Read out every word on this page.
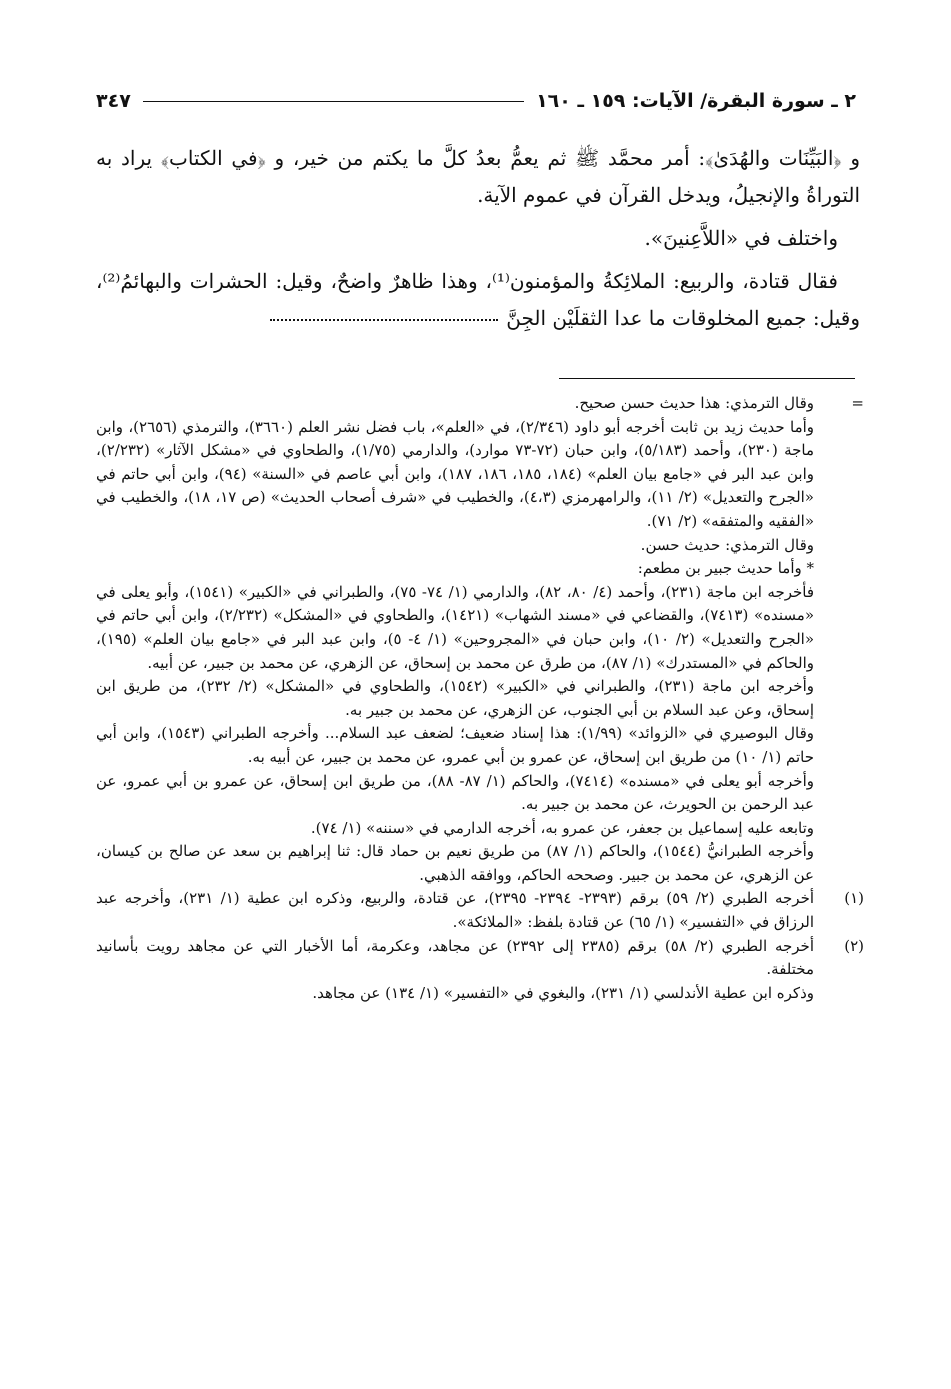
٢ ـ سورة البقرة/ الآيات: ١٥٩ ـ ١٦٠
٣٤٧

و ﴿البَيِّنَات والهُدَىٰ﴾: أمر محمَّد ﷺ ثم يعمُّ بعدُ كلَّ ما يكتم من خير، و ﴿في الكتاب﴾ يراد به التوراةُ والإنجيلُ، ويدخل القرآن في عموم الآية.

واختلف في «اللاَّعِنينَ».

فقال قتادة، والربيع: الملائِكةُ والمؤمنون⁽¹⁾، وهذا ظاهرٌ واضحٌ، وقيل: الحشرات والبهائمُ⁽²⁾، وقيل: جميع المخلوقات ما عدا الثقلَيْن الجِنَّ

=

وقال الترمذي: هذا حديث حسن صحيح.

وأما حديث زيد بن ثابت أخرجه أبو داود (٢/٣٤٦)، في «العلم»، باب فضل نشر العلم (٣٦٦٠)، والترمذي (٢٦٥٦)، وابن ماجة (٢٣٠)، وأحمد (٥/١٨٣)، وابن حبان (٧٢-٧٣ موارد)، والدارمي (١/٧٥)، والطحاوي في «مشكل الآثار» (٢/٢٣٢)، وابن عبد البر في «جامع بيان العلم» (١٨٤، ١٨٥، ١٨٦، ١٨٧)، وابن أبي عاصم في «السنة» (٩٤)، وابن أبي حاتم في «الجرح والتعديل» (٢/ ١١)، والرامهرمزي (٤،٣)، والخطيب في «شرف أصحاب الحديث» (ص ١٧، ١٨)، والخطيب في «الفقيه والمتفقه» (٢/ ٧١).

وقال الترمذي: حديث حسن.

* وأما حديث جبير بن مطعم:

فأخرجه ابن ماجة (٢٣١)، وأحمد (٤/ ٨٠، ٨٢)، والدارمي (١/ ٧٤- ٧٥)، والطبراني في «الكبير» (١٥٤١)، وأبو يعلى في «مسنده» (٧٤١٣)، والقضاعي في «مسند الشهاب» (١٤٢١)، والطحاوي في «المشكل» (٢/٢٣٢)، وابن أبي حاتم في «الجرح والتعديل» (٢/ ١٠)، وابن حبان في «المجروحين» (١/ ٤- ٥)، وابن عبد البر في «جامع بيان العلم» (١٩٥)، والحاكم في «المستدرك» (١/ ٨٧)، من طرق عن محمد بن إسحاق، عن الزهري، عن محمد بن جبير، عن أبيه.

وأخرجه ابن ماجة (٢٣١)، والطبراني في «الكبير» (١٥٤٢)، والطحاوي في «المشكل» (٢/ ٢٣٢)، من طريق ابن إسحاق، وعن عبد السلام بن أبي الجنوب، عن الزهري، عن محمد بن جبير به.

وقال البوصيري في «الزوائد» (١/٩٩): هذا إسناد ضعيف؛ لضعف عبد السلام... وأخرجه الطبراني (١٥٤٣)، وابن أبي حاتم (١/ ١٠) من طريق ابن إسحاق، عن عمرو بن أبي عمرو، عن محمد بن جبير، عن أبيه به.

وأخرجه أبو يعلى في «مسنده» (٧٤١٤)، والحاكم (١/ ٨٧- ٨٨)، من طريق ابن إسحاق، عن عمرو بن أبي عمرو، عن عبد الرحمن بن الحويرث، عن محمد بن جبير به.

وتابعه عليه إسماعيل بن جعفر، عن عمرو به، أخرجه الدارمي في «سننه» (١/ ٧٤).

وأخرجه الطبرانيُّ (١٥٤٤)، والحاكم (١/ ٨٧) من طريق نعيم بن حماد قال: ثنا إبراهيم بن سعد عن صالح بن كيسان، عن الزهري، عن محمد بن جبير. وصححه الحاكم، ووافقه الذهبي.

(١)

أخرجه الطبري (٢/ ٥٩) برقم (٢٣٩٣- ٢٣٩٤- ٢٣٩٥)، عن قتادة، والربيع، وذكره ابن عطية (١/ ٢٣١)، وأخرجه عبد الرزاق في «التفسير» (١/ ٦٥) عن قتادة بلفظ: «الملائكة».

(٢)

أخرجه الطبري (٢/ ٥٨) برقم (٢٣٨٥ إلى ٢٣٩٢) عن مجاهد، وعكرمة، أما الأخبار التي عن مجاهد رويت بأسانيد مختلفة.

وذكره ابن عطية الأندلسي (١/ ٢٣١)، والبغوي في «التفسير» (١/ ١٣٤) عن مجاهد.
